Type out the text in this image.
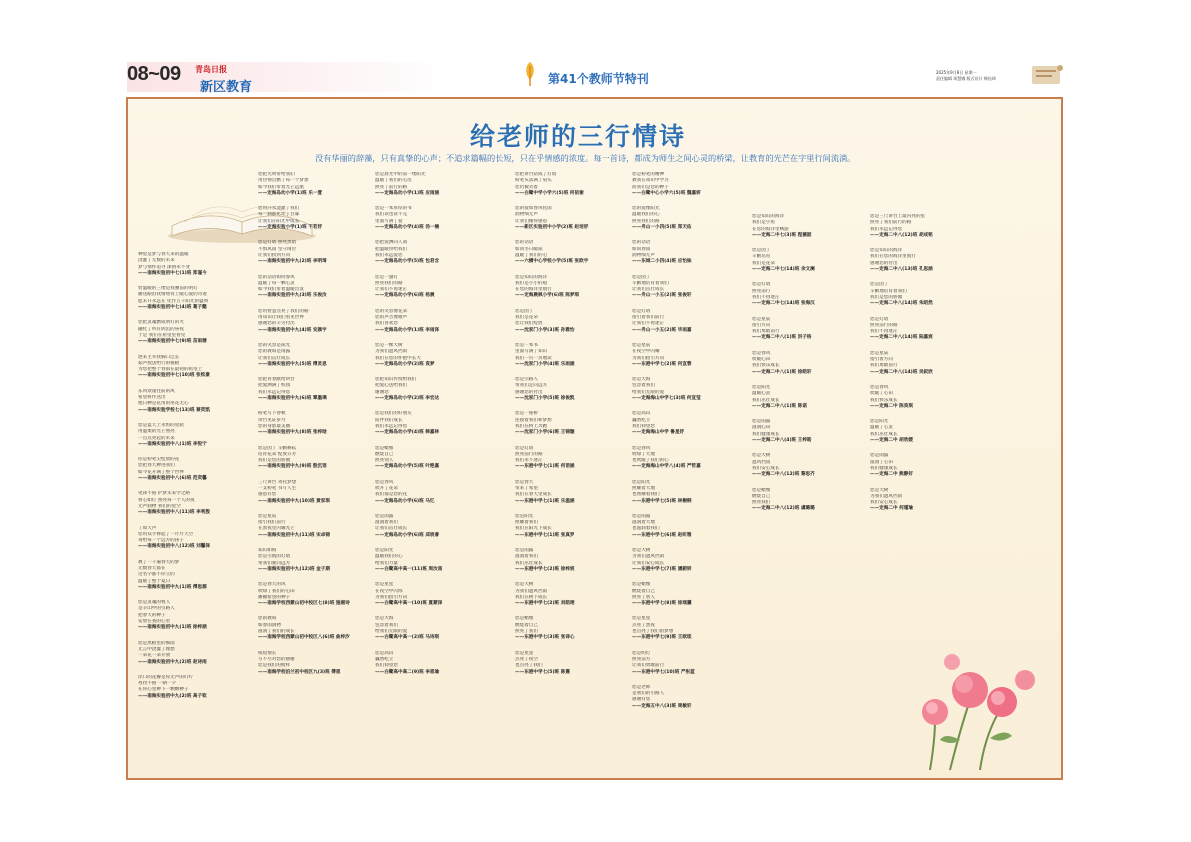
08~09 青岛日报
新区教育
第41个教师节特刊	2025年9月8日 星期一
责任编辑 周慧娜 版式设计 韩钰坤
给老师的三行情诗
没有华丽的辞藻，只有真挚的心声；不追求篇幅的长短，只在乎情感的浓度。每一首诗，都成为师生之间心灵的桥梁，让教育的光芒在字里行间流淌。
种星是梦与春天来的温暖
浇灌了无数的未来
梦与情怀追寻 深情永不变
——南海实验初中七(1)班 郑谨今
恰温暖的三缕是我腰前的明灯
播送眼泪我情绪背上暖心爱的奇迹
愿未开永远在 化作万千阳光的盛典
——南海实验初中七(4)班 葛子懿
您把灵魂燃成明灯的火
融化了所有阴沉的昼夜
于是 我们在希望里看见
——南海实验初中七(9)班 苗雨瑭
逐来主宰我胸口洼长
茹声授送给行的模板
为您把整个春雨在最初的希望上
——南海实验初中七(10)班 张钦豪
东风欢谨往前的风
希望将作送出
他日种是花用的用花无心
——南海实验学校七(13)班 蔡奕凯
您是蓝天上永恒的星轨
用温柔的光芒照亮
一点点亮起的未来
——南海实验初中八(1)班 李悦宁
你是粉笔尖绽放的花
您把春天种进我们
如今花开满了整个世界
——南海实验初中八(6)班 范奕馨
笔锋不倦 护梦未来学之路
将心如灯 照亮每一个人的夜
无声润物 我们的星空
——南海实验初中八(11)班 李利殷
丁如天声
您用双手捧起了一片片天空
寄给每一个远方的孩子
——南海实验初中八(12)班 刘馨泽
教了一千遍春天的梦
无数春天都在
这名字都不你立的
温暖了整个夏日
——南海实验初中九(1)班 傅思源
您是灵魂的牧人
是辛山中的引路人
把春天的种子
安放在我的心里
——南海实验初中九(1)班 徐梓涵
您是黑板里的细雨
无言中浇灌了理想
一朵花一朵开放
——南海实验初中九(2)班 赵诗雨
岸口的花瓣是你无声的叮咛
孜孜不倦 一朝一夕
在你心里种下一颗颗种子
——南海实验初中九(2)班 高子钦
您把光明带给我们
用热情点燃了每一个梦想
如今我们带着光芒远航
——定海岛幼小学(1)班 乐一萱
您用汗水浇灌了我们
每一滴都化作了甘霖
让我们在阳光中成长
——定海实验小学(1)班 干若妤
您是灯塔 照亮黑暗
不惧风雨 坚守岗位
让我们找到方向
——南海实验初中九(2)班 李明琦
您的话语如同春风
温暖了每一颗心灵
如今我们带着温暖出发
——南海实验初中九(3)班 乐俊汝
您用智慧点亮了我们的路
用知识让我们看见世界
感谢您的辛劳付出
——南海实验初中九(4)班 安颜宇
您的笑容是阳光
您的教诲是雨露
让我们茁壮成长
——南海实验初中九(5)班 傅灵思
您把青春献给讲台
把爱洒满了校园
我们永远记得您
——南海实验初中九(6)班 覃墨璃
粉笔写下春秋
讲台见证岁月
您的身影最美丽
——南海实验初中九(8)班 张梓晗
您是园丁 辛勤耕耘
培育花朵 绽放芬芳
我们是您的骄傲
——南海实验初中九(9)班 殷沉语
三尺讲台 寄托梦想
一支粉笔 书写人生
感恩有您
——南海实验初中九(10)班 黄家琪
您是星辰
指引我们前行
在黑夜里闪耀光芒
——南海实验初中九(11)班 宋卓锦
知识如海
您是引航的灯塔
带我们驶向远方
——南海实验初中九(12)班 金子期
您是春天的风
吹绿了我们的心田
播撒希望的种子
——南海学校西蒙山初中校区七(8)班 施湘诗
您的教诲
如春雨润物
滋润了我们的成长
——南海学校西蒙山初中校区八(6)班 曲梓汐
纸短情长
写不尽对您的感谢
您是我们的榜样
——南海学校泊兰初中校区九(3)班 傅恩
您是晨光中的第一缕阳光
温暖了我们的心房
照亮了前行的路
——定海岛幼小学(1)班 应雨涵
您是一本厚厚的书
我们读也读不完
里面写满了爱
——定海岛幼小学(4)班 汤一楠
您把爱洒向人间
把温暖带给我们
我们永远爱您
——定海岛幼小学(5)班 包君含
您是一盏灯
照亮我们的路
让我们不再迷茫
——定海岛幼小学(6)班 杨晨
您的笑容像花朵
您的声音像歌声
我们喜欢您
——定海岛幼小学(1)班 李雨泽
您是一棵大树
为我们遮风挡雨
我们在您的怀抱中长大
——定海岛幼小学(2)班 袁梦
您把知识传授给我们
把爱心送给我们
谢谢您
——定海岛幼小学(2)班 李宏达
您是我们的好朋友
陪伴我们成长
我们永远记得您
——定海岛幼小学(4)班 韩嘉林
您是蜡烛
燃烧自己
照亮别人
——定海岛幼小学(5)班 叶艳嘉
您是春风
吹开了花朵
我们都是您的花
——定海岛幼小学(6)班 马忆
您是雨露
滋润着我们
让我们茁壮成长
——定海岛幼小学(6)班 邱宸睿
您是阳光
温暖我们的心
给我们力量
——白鹭高中高一(11)班 周汝南
您是星星
在夜空中闪烁
为我们指引方向
——白鹭高中高一(10)班 夏蒙泽
您是大海
包容着我们
给我们无限的爱
——白鹭高中高一(2)班 马诗琪
您是高山
巍然屹立
我们仰望您
——白鹭高中高二(9)班 李恩瑜
您把讲台站成了灯塔
粉笔灰落满了肩头
您仍微笑着
——白鹭中学小学六(5)班 何依谢
您的爱如春风化雨
润物细无声
让我们懂得感恩
——新区实验初中小学(2)班 赵培妤
您的话语
如同冬日暖阳
温暖了我们的心
——六横中心学校小学(5)班 张欧宇
您是知识的海洋
我们是小小的船
在您的海洋里航行
——定海晨枫小学(6)班 陈梦琪
您是园丁
我们是花朵
您让我们绽放
——沈家门小学(3)班 孙雅怡
您是一本书
里面写满了知识
我们一页一页地读
——沈家门小学(4)班 乐雨涵
您是引路人
带我们走向远方
感谢您的付出
——沈家门小学(5)班 徐俊凯
您是一座桥
连接着我们和梦想
我们在桥上奔跑
——沈家门小学(6)班 王锦璇
您是灯塔
照亮前行的路
我们永不迷茫
——东港中学七(1)班 何语涵
您是春天
带来了希望
我们在春天里成长
——东港中学七(1)班 乐温涵
您是阳光
照耀着我们
我们在阳光下成长
——东港中学七(1)班 张真罗
您是雨露
滋润着我们
我们茁壮成长
——东港中学七(2)班 徐梓宸
您是大树
为我们遮风挡雨
我们在树下成长
——东港中学七(2)班 刘皓翊
您是蜡烛
燃烧着自己
照亮了我们
——东港中学七(3)班 张译心
您是星星
点亮了夜空
也点亮了我们
——东港中学七(5)班 陈熹
您是粉笔的精神
教我在知识中学习
而我们是您的种子
——白鹭中心小学六(5)班 魏嘉妍
您的爱像阳光
温暖我们的心
照亮我们的路
——舟山一小四(5)班 郑天佑
您的话语
如同春雨
润物细无声
——东城二小四(4)班 应怡妹
您是园丁
辛勤地培育着我们
让我们茁壮成长
——舟山一小五(2)班 张俊轩
您是灯塔
指引着我们前行
让我们不再迷茫
——舟山一小五(2)班 毕雨嘉
您是星辰
在夜空中闪耀
为我们指引方向
——东港中学七(2)班 何宣蓉
您是大海
包容着我们
给我们无限的爱
——定海海山中学七(3)班 何宣莹
您是高山
巍然屹立
我们仰望您
——定海海山中学 鲁星妤
您是春风
吹绿了大地
也吹暖了我们的心
——定海海山中学八(4)班 严哲嘉
您是阳光
照耀着大地
也照耀着我们
——东港中学七(5)班 林榭桐
您是雨露
滋润着大地
也滋润着我们
——东港中学七(6)班 赵昕雅
您是大树
为我们遮风挡雨
让我们安心成长
——东港中学七(7)班 潘蔚妍
您是蜡烛
燃烧着自己
照亮了别人
——东港中学七(8)班 徐瑶骥
您是星星
点亮了黑夜
也点亮了我们的梦想
——东港中学七(9)班 王欧琰
您是明灯
照亮前方
让我们勇敢前行
——东港中学七(10)班 严彤蓝
您是老师
是我们的引路人
感谢有您
——定海五中八(3)班 周敏轩
您是知识的海洋
我们是小鱼
在您的海洋里畅游
——定海二中七(3)班 程薇韶
您是园丁
辛勤培育
我们是花朵
——定海二中七(14)班 余文澜
您是灯塔
照亮前行
我们不再迷茫
——定海二中七(14)班 张海汉
您是星辰
指引方向
我们勇敢前行
——定海二中八(1)班 洪子杨
您是春风
吹暖心田
我们快乐成长
——定海二中八(1)班 徐皓轩
您是阳光
温暖心灵
我们茁壮成长
——定海二中八(1)班 陈诺
您是雨露
滋润心田
我们健康成长
——定海二中八(4)班 王梓皓
您是大树
遮风挡雨
我们安心成长
——定海二中八(12)班 黎思齐
您是蜡烛
燃烧自己
照亮我们
——定海二中八(12)班 虞璐璐
您是三尺讲台上最闪亮的星
照亮了我们前行的路
我们永远记得您
——定海二中八(12)班 胡成铭
您是知识的海洋
我们在您的海洋里航行
感谢您的付出
——定海二中八(13)班 孔思涵
您是园丁
辛勤地培育着我们
我们是您的骄傲
——定海二中八(14)班 朱昭然
您是灯塔
照亮前行的路
我们不再迷茫
——定海二中八(14)班 陆嘉宸
您是星辰
指引着方向
我们勇敢前行
——定海二中八(14)班 吴叙欣
您是春风
吹暖了心田
我们快乐成长
——定海二中 陈昊琪
您是阳光
温暖了心灵
我们茁壮成长
——定海二中 胡欣媛
您是雨露
滋润了心田
我们健康成长
——定海二中 熊静好
您是大树
为我们遮风挡雨
我们安心成长
——定海二中 何瑾瑜
